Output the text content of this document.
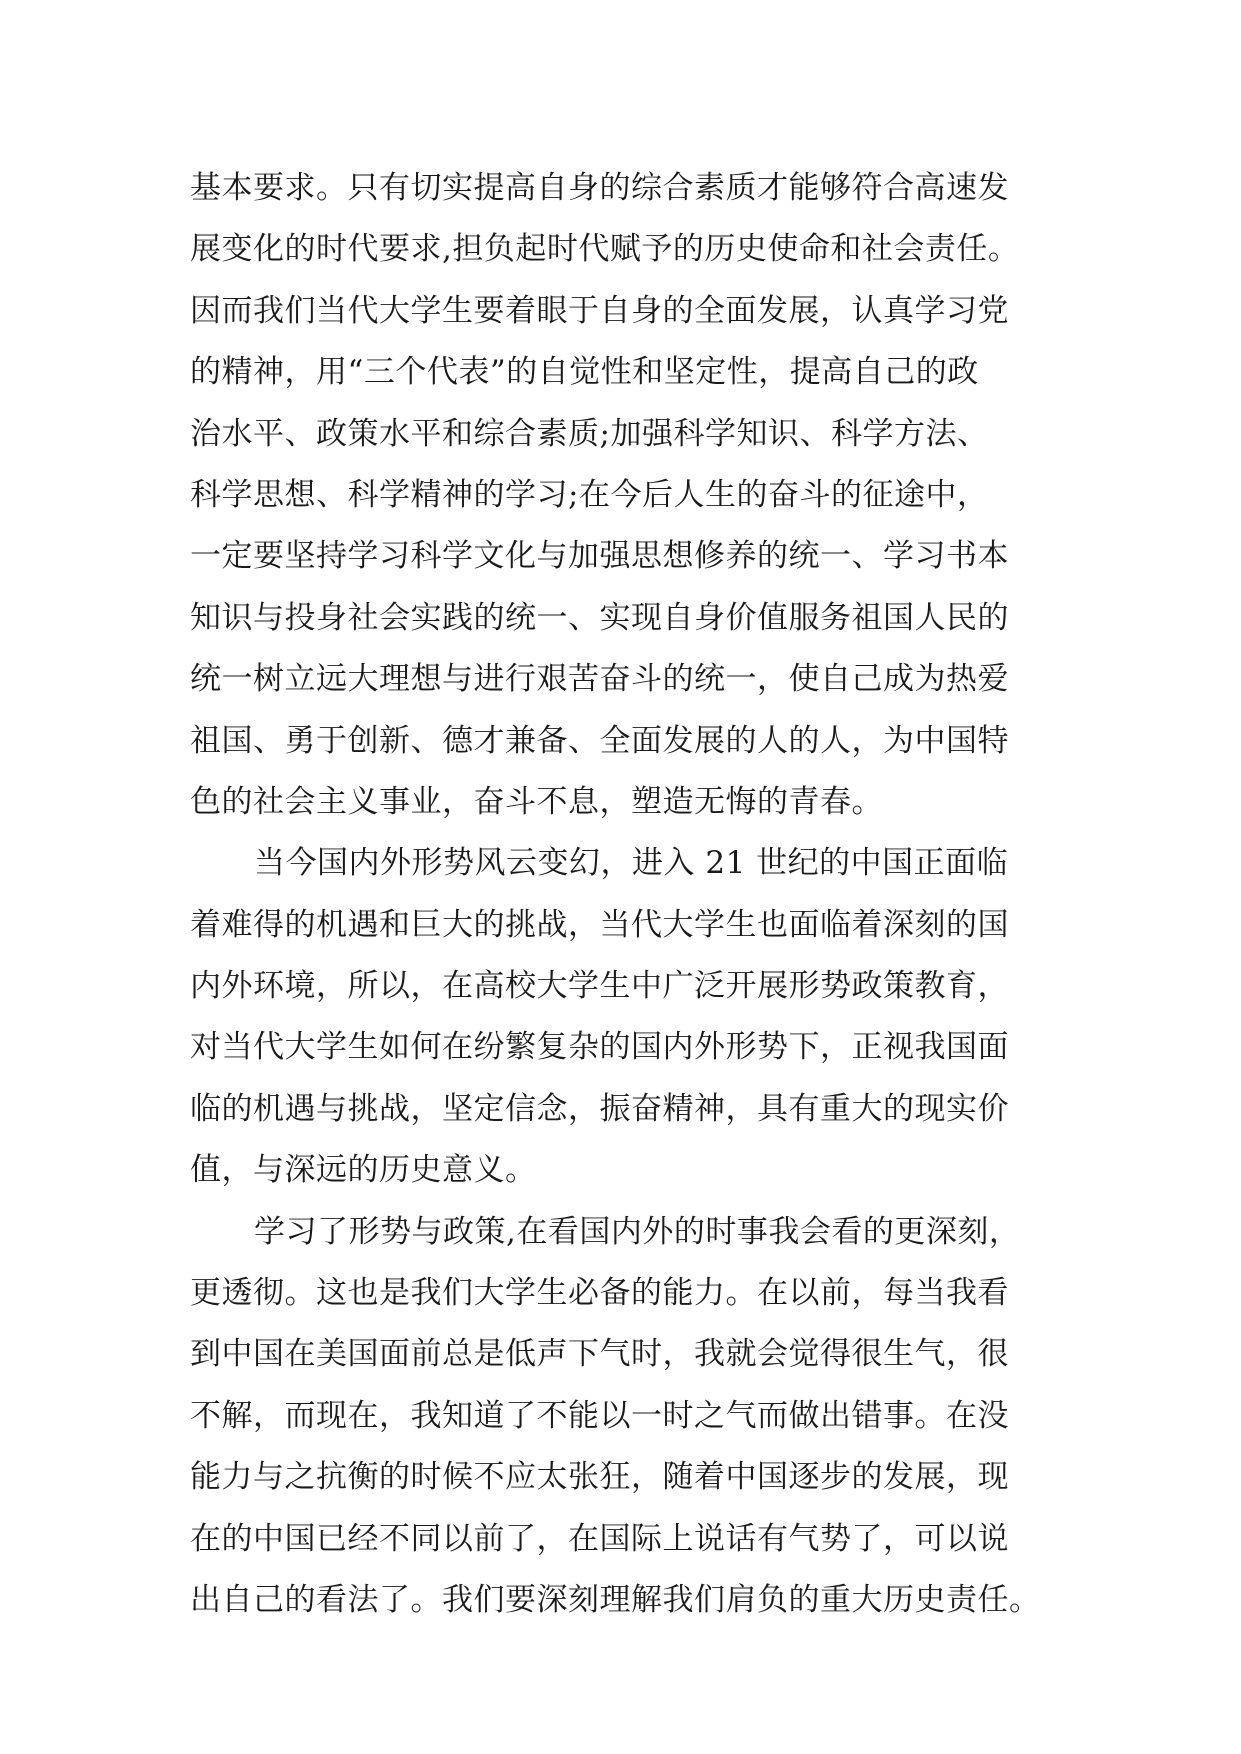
基本要求。只有切实提高自身的综合素质才能够符合高速发
展变化的时代要求,担负起时代赋予的历史使命和社会责任。
因而我们当代大学生要着眼于自身的全面发展，认真学习党
的精神，用“三个代表”的自觉性和坚定性，提高自己的政
治水平、政策水平和综合素质;加强科学知识、科学方法、
科学思想、科学精神的学习;在今后人生的奋斗的征途中，
一定要坚持学习科学文化与加强思想修养的统一、学习书本
知识与投身社会实践的统一、实现自身价值服务祖国人民的
统一树立远大理想与进行艰苦奋斗的统一，使自己成为热爱
祖国、勇于创新、德才兼备、全面发展的人的人，为中国特
色的社会主义事业，奋斗不息，塑造无悔的青春。
当今国内外形势风云变幻，进入 21 世纪的中国正面临
着难得的机遇和巨大的挑战，当代大学生也面临着深刻的国
内外环境，所以，在高校大学生中广泛开展形势政策教育，
对当代大学生如何在纷繁复杂的国内外形势下，正视我国面
临的机遇与挑战，坚定信念，振奋精神，具有重大的现实价
值，与深远的历史意义。
学习了形势与政策,在看国内外的时事我会看的更深刻，
更透彻。这也是我们大学生必备的能力。在以前，每当我看
到中国在美国面前总是低声下气时，我就会觉得很生气，很
不解，而现在，我知道了不能以一时之气而做出错事。在没
能力与之抗衡的时候不应太张狂，随着中国逐步的发展，现
在的中国已经不同以前了，在国际上说话有气势了，可以说
出自己的看法了。我们要深刻理解我们肩负的重大历史责任。
